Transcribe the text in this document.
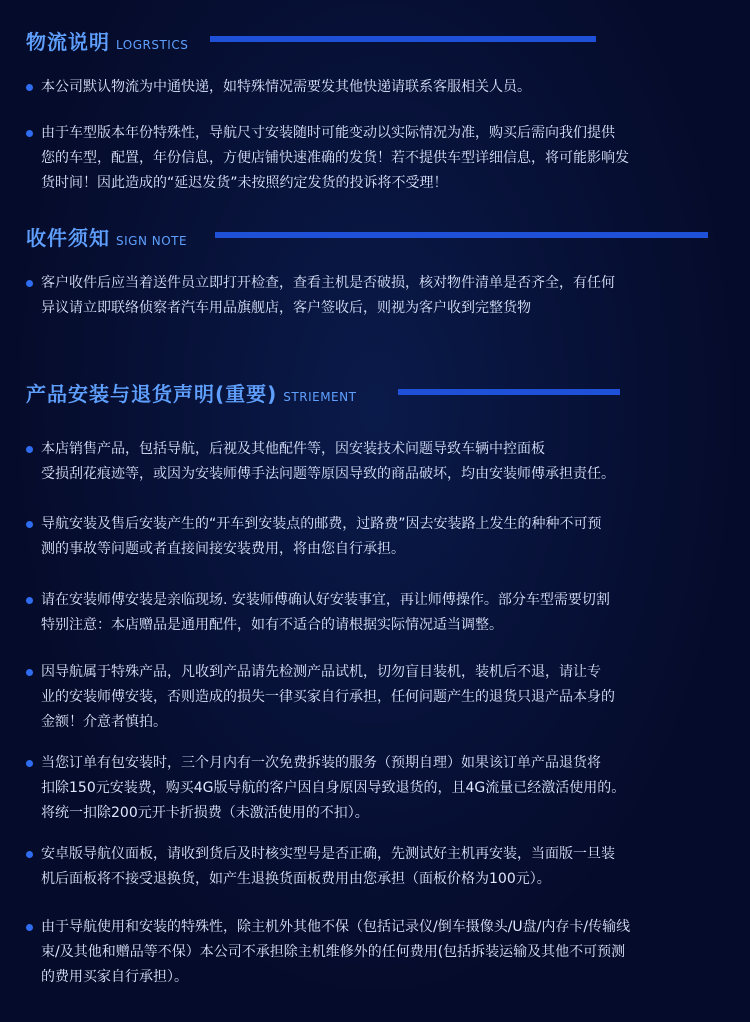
物流说明 LOGRSTICS
本公司默认物流为中通快递，如特殊情况需要发其他快递请联系客服相关人员。
由于车型版本年份特殊性，导航尺寸安装随时可能变动以实际情况为准，购买后需向我们提供
您的车型，配置，年份信息，方便店铺快速准确的发货！若不提供车型详细信息，将可能影响发
货时间！因此造成的“延迟发货”未按照约定发货的投诉将不受理！
收件须知 SIGN NOTE
客户收件后应当着送件员立即打开检查，查看主机是否破损，核对物件清单是否齐全，有任何
异议请立即联络侦察者汽车用品旗舰店，客户签收后，则视为客户收到完整货物
产品安装与退货声明(重要) STRIEMENT
本店销售产品，包括导航，后视及其他配件等，因安装技术问题导致车辆中控面板
受损刮花痕迹等，或因为安装师傅手法问题等原因导致的商品破坏，均由安装师傅承担责任。
导航安装及售后安装产生的“开车到安装点的邮费，过路费”因去安装路上发生的种种不可预
测的事故等问题或者直接间接安装费用，将由您自行承担。
请在安装师傅安装是亲临现场. 安装师傅确认好安装事宜，再让师傅操作。部分车型需要切割
特别注意：本店赠品是通用配件，如有不适合的请根据实际情况适当调整。
因导航属于特殊产品，凡收到产品请先检测产品试机，切勿盲目装机，装机后不退，请让专
业的安装师傅安装，否则造成的损失一律买家自行承担，任何问题产生的退货只退产品本身的
金额！介意者慎拍。
当您订单有包安装时，三个月内有一次免费拆装的服务（预期自理）如果该订单产品退货将
扣除150元安装费，购买4G版导航的客户因自身原因导致退货的，且4G流量已经激活使用的。
将统一扣除200元开卡折损费（未激活使用的不扣）。
安卓版导航仪面板，请收到货后及时核实型号是否正确，先测试好主机再安装，当面版一旦装
机后面板将不接受退换货，如产生退换货面板费用由您承担（面板价格为100元）。
由于导航使用和安装的特殊性，除主机外其他不保（包括记录仪/倒车摄像头/U盘/内存卡/传输线
束/及其他和赠品等不保）本公司不承担除主机维修外的任何费用(包括拆装运输及其他不可预测
的费用买家自行承担）。
